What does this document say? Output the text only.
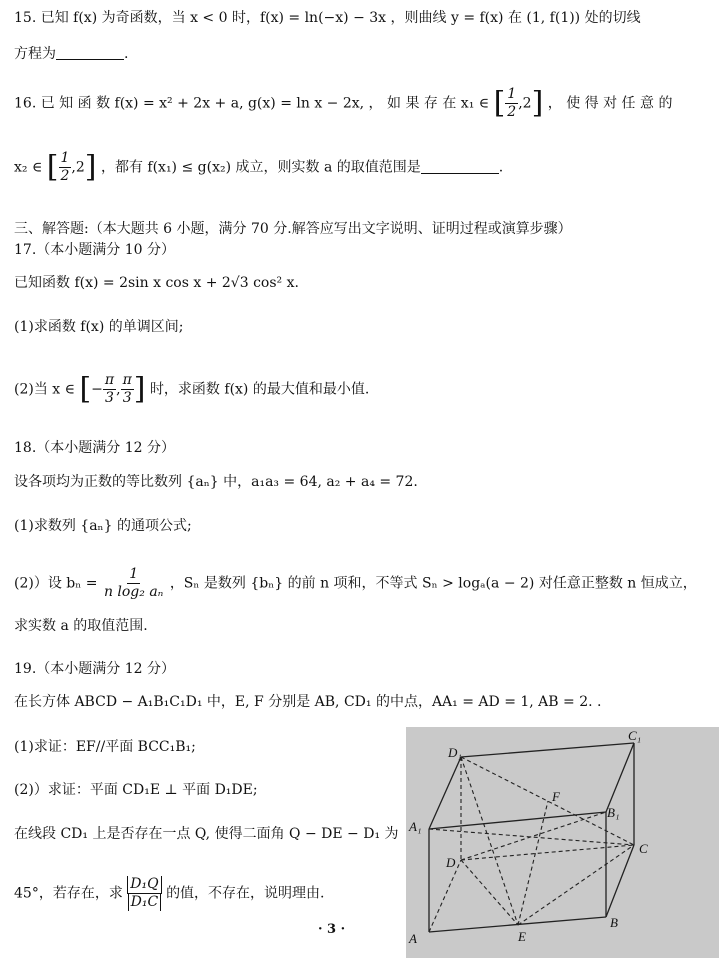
15. 已知 f(x) 为奇函数，当 x < 0 时，f(x) = ln(−x) − 3x ，则曲线 y = f(x) 在 (1, f(1)) 处的切线
方程为	.
16. 已 知 函 数 f(x) = x² + 2x + a, g(x) = ln x − 2x, ， 如 果 存 在 x₁ ∈ [ $\frac{1}{2} ,2$] ， 使 得 对 任 意 的
x₂ ∈ [ $\frac{1}{2} ,2$] ，都有 f(x₁) ≤ g(x₂) 成立，则实数 a 的取值范围是	.
三、解答题:（本大题共 6 小题，满分 70 分.解答应写出文字说明、证明过程或演算步骤）
17.（本小题满分 10 分）
已知函数 f(x) = 2sin x cos x + 2√3 cos² x.
(1)求函数 f(x) 的单调区间;
(2)当 x ∈ [− $\frac{\pi}{3}$ , $\frac{\pi}{3}$ ] 时，求函数 f(x) 的最大值和最小值.
18.（本小题满分 12 分）
设各项均为正数的等比数列 {aₙ} 中，a₁a₃ = 64, a₂ + a₄ = 72.
(1)求数列 {aₙ} 的通项公式;
(2)）设 $b_n = \frac{1}{\text{n log₂ aₙ}}$ ，Sₙ 是数列 {bₙ} 的前 n 项和，不等式 Sₙ > logₐ(a − 2) 对任意正整数 n 恒成立，
求实数 a 的取值范围.
19.（本小题满分 12 分）
在长方体 ABCD − A₁B₁C₁D₁ 中，E, F 分别是 AB, CD₁ 的中点，AA₁ = AD = 1, AB = 2. .
(1)求证：EF//平面 BCC₁B₁;
(2)）求证：平面 CD₁E ⊥ 平面 D₁DE;
在线段 CD₁ 上是否存在一点 Q, 使得二面角 Q − DE − D₁ 为
45°，若存在，求 $\frac{\text{D₁Q}}{\text{D₁C}}$ 的值，不存在，说明理由.
· 3 ·
A
B
C
D
A₁
B₁
C₁
D₁
E
F
